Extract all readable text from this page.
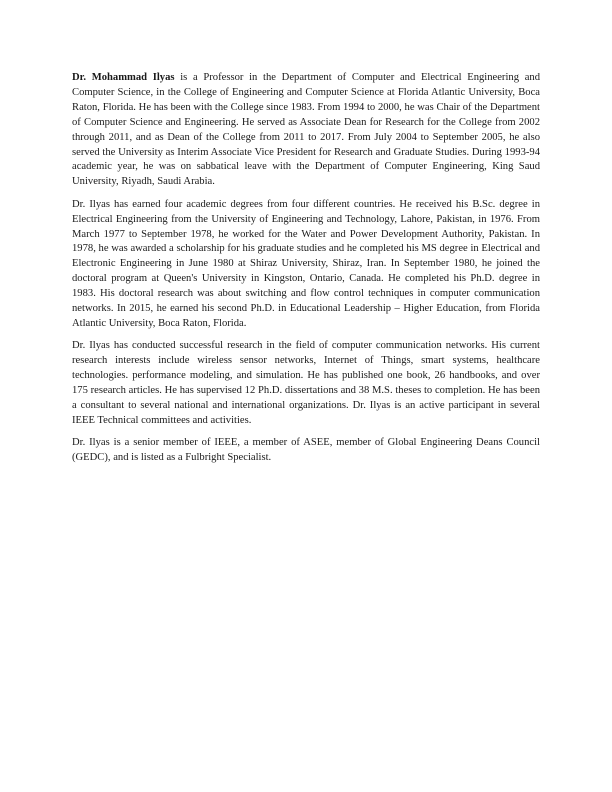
Dr. Mohammad Ilyas is a Professor in the Department of Computer and Electrical Engineering and Computer Science, in the College of Engineering and Computer Science at Florida Atlantic University, Boca Raton, Florida. He has been with the College since 1983. From 1994 to 2000, he was Chair of the Department of Computer Science and Engineering. He served as Associate Dean for Research for the College from 2002 through 2011, and as Dean of the College from 2011 to 2017. From July 2004 to September 2005, he also served the University as Interim Associate Vice President for Research and Graduate Studies. During 1993-94 academic year, he was on sabbatical leave with the Department of Computer Engineering, King Saud University, Riyadh, Saudi Arabia.

Dr. Ilyas has earned four academic degrees from four different countries. He received his B.Sc. degree in Electrical Engineering from the University of Engineering and Technology, Lahore, Pakistan, in 1976. From March 1977 to September 1978, he worked for the Water and Power Development Authority, Pakistan. In 1978, he was awarded a scholarship for his graduate studies and he completed his MS degree in Electrical and Electronic Engineering in June 1980 at Shiraz University, Shiraz, Iran. In September 1980, he joined the doctoral program at Queen's University in Kingston, Ontario, Canada. He completed his Ph.D. degree in 1983. His doctoral research was about switching and flow control techniques in computer communication networks. In 2015, he earned his second Ph.D. in Educational Leadership – Higher Education, from Florida Atlantic University, Boca Raton, Florida.

Dr. Ilyas has conducted successful research in the field of computer communication networks. His current research interests include wireless sensor networks, Internet of Things, smart systems, healthcare technologies. performance modeling, and simulation. He has published one book, 26 handbooks, and over 175 research articles. He has supervised 12 Ph.D. dissertations and 38 M.S. theses to completion. He has been a consultant to several national and international organizations. Dr. Ilyas is an active participant in several IEEE Technical committees and activities.

Dr. Ilyas is a senior member of IEEE, a member of ASEE, member of Global Engineering Deans Council (GEDC), and is listed as a Fulbright Specialist.
